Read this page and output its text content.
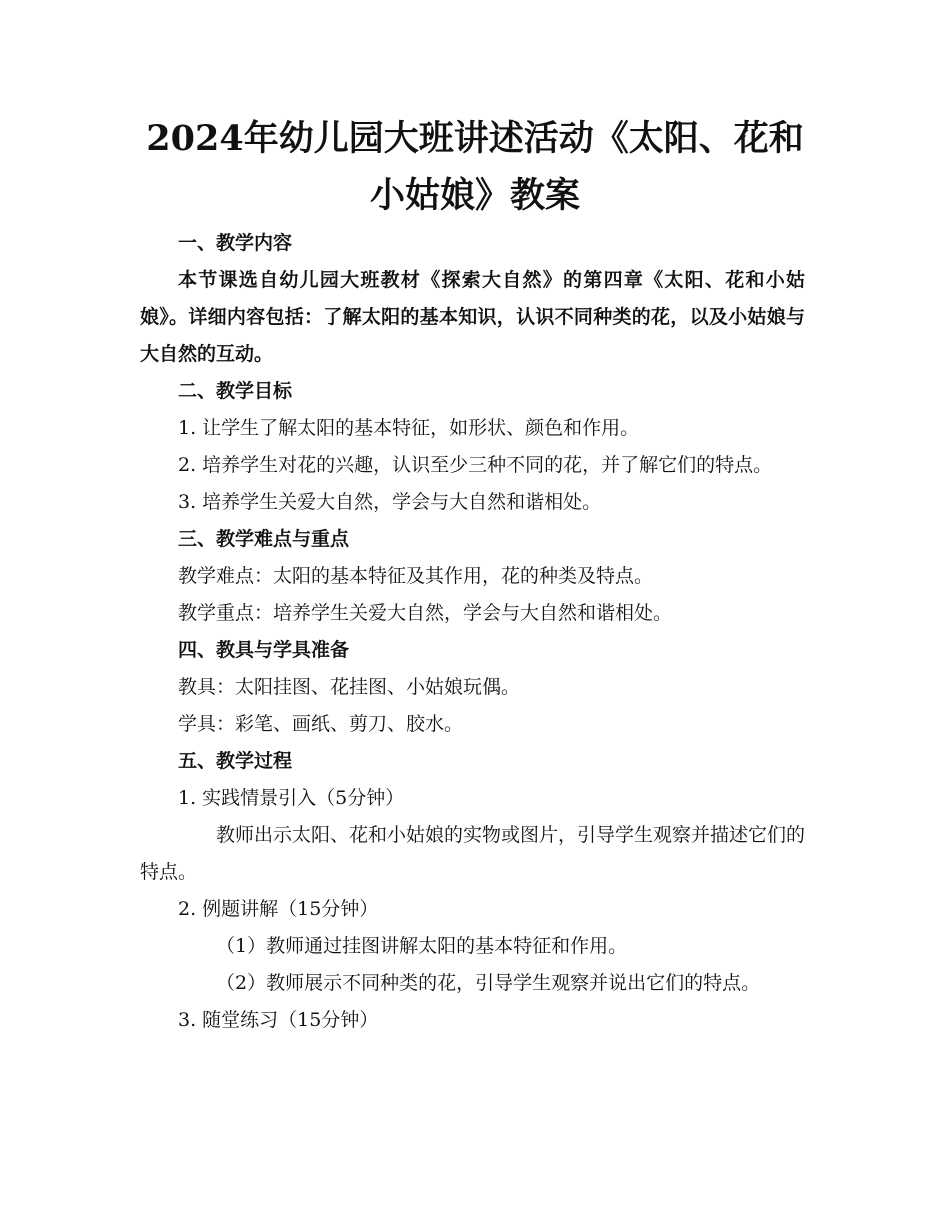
2024年幼儿园大班讲述活动《太阳、花和小姑娘》教案

一、教学内容

本节课选自幼儿园大班教材《探索大自然》的第四章《太阳、花和小姑娘》。详细内容包括：了解太阳的基本知识，认识不同种类的花，以及小姑娘与大自然的互动。

二、教学目标

1. 让学生了解太阳的基本特征，如形状、颜色和作用。

2. 培养学生对花的兴趣，认识至少三种不同的花，并了解它们的特点。

3. 培养学生关爱大自然，学会与大自然和谐相处。

三、教学难点与重点

教学难点：太阳的基本特征及其作用，花的种类及特点。

教学重点：培养学生关爱大自然，学会与大自然和谐相处。

四、教具与学具准备

教具：太阳挂图、花挂图、小姑娘玩偶。

学具：彩笔、画纸、剪刀、胶水。

五、教学过程

1. 实践情景引入（5分钟）

教师出示太阳、花和小姑娘的实物或图片，引导学生观察并描述它们的特点。

2. 例题讲解（15分钟）

（1）教师通过挂图讲解太阳的基本特征和作用。

（2）教师展示不同种类的花，引导学生观察并说出它们的特点。

3. 随堂练习（15分钟）
